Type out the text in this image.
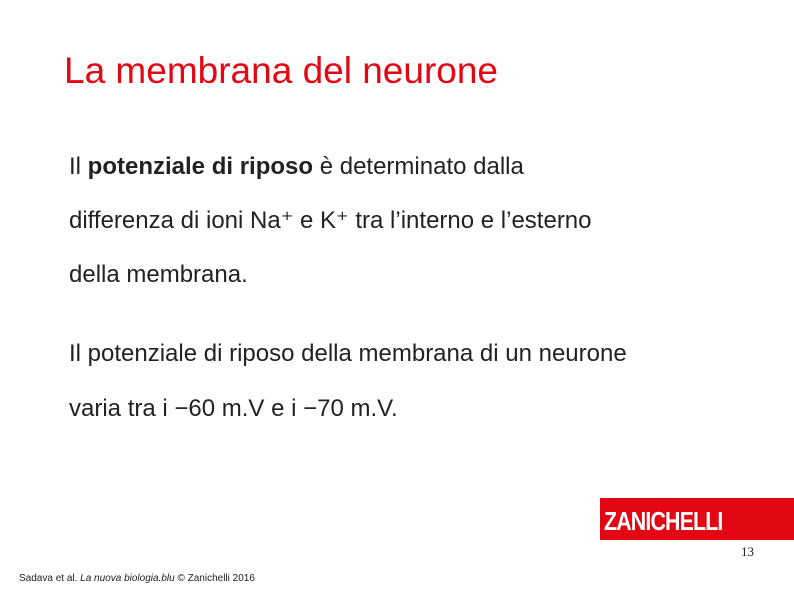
La membrana del neurone

Il potenziale di riposo è determinato dalla

differenza di ioni Na⁺ e K⁺ tra l’interno e l’esterno

della membrana.

Il potenziale di riposo della membrana di un neurone

varia tra i −60 m.V e i −70 m.V.

ZANICHELLI
13
Sadava et al. La nuova biologia.blu © Zanichelli 2016
